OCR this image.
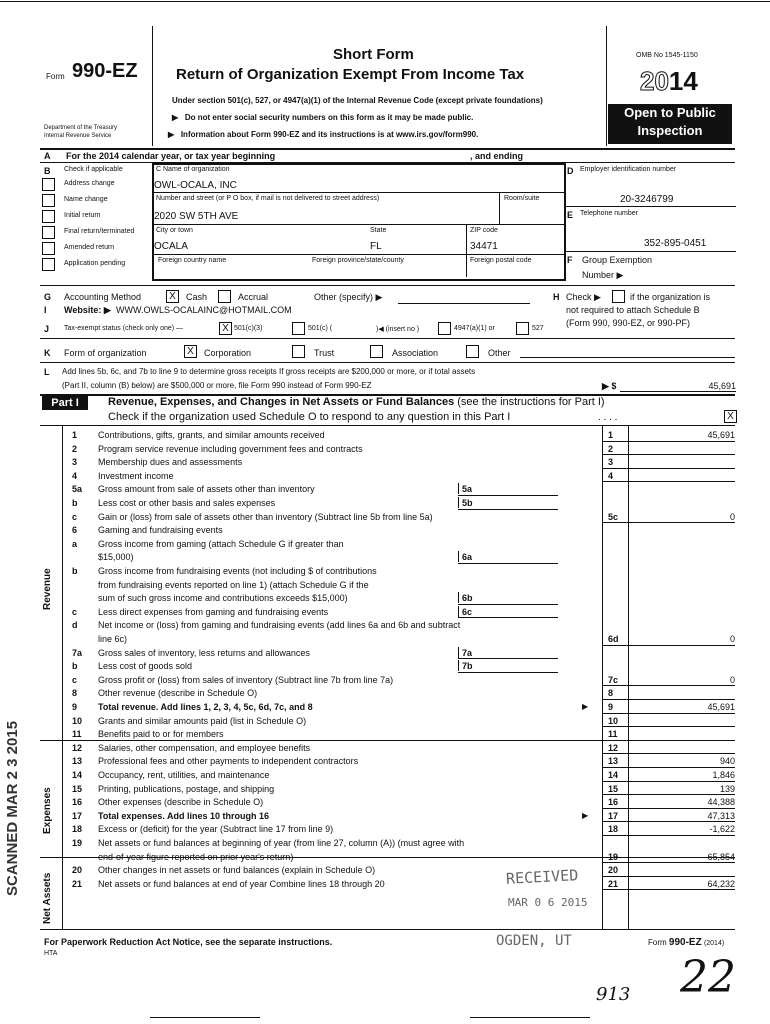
Form 990-EZ
Department of the Treasury
Internal Revenue Service
Short Form
Return of Organization Exempt From Income Tax
Under section 501(c), 527, or 4947(a)(1) of the Internal Revenue Code (except private foundations)
▶   Do not enter social security numbers on this form as it may be made public.
▶   Information about Form 990-EZ and its instructions is at www.irs.gov/form990.
OMB No 1545-1150
2014
Open to Public
Inspection
A For the 2014 calendar year, or tax year beginning	, and ending
B Check if applicable
Address change
Name change
Initial return
Final return/terminated
Amended return
Application pending
C Name of organization
OWL-OCALA, INC
Number and street (or P O box, if mail is not delivered to street address)	Room/suite
2020 SW 5TH AVE
City or town	State	ZIP code
OCALA	FL	34471
Foreign country name	Foreign province/state/county	Foreign postal code
D Employer identification number
20-3246799
E Telephone number
352-895-0451
F Group Exemption
Number ▶
G Accounting Method	X	Cash	Accrual	Other (specify) ▶
I Website: ▶ WWW.OWLS-OCALAINC@HOTMAIL.COM
H Check ▶	if the organization is
not required to attach Schedule B
(Form 990, 990-EZ, or 990-PF)
J Tax-exempt status (check only one) —	X 501(c)(3)	501(c) (	)◀ (insert no )	4947(a)(1) or	527
K Form of organization	X	Corporation	Trust	Association	Other
L Add lines 5b, 6c, and 7b to line 9 to determine gross receipts If gross receipts are $200,000 or more, or if total assets
(Part II, column (B) below) are $500,000 or more, file Form 990 instead of Form 990-EZ	▶ $	45,691
Part I	Revenue, Expenses, and Changes in Net Assets or Fund Balances (see the instructions for Part I)
Check if the organization used Schedule O to respond to any question in this Part I	. . . .	X
Revenue
Expenses
Net Assets
1 Contributions, gifts, grants, and similar amounts received	1	45,691
2 Program service revenue including government fees and contracts	2
3 Membership dues and assessments	3
4 Investment income	4
5a Gross amount from sale of assets other than inventory	5a
b Less cost or other basis and sales expenses	5b
c Gain or (loss) from sale of assets other than inventory (Subtract line 5b from line 5a)	5c	0
6 Gaming and fundraising events
a Gross income from gaming (attach Schedule G if greater than
$15,000)	6a
b Gross income from fundraising events (not including $ of contributions
from fundraising events reported on line 1) (attach Schedule G if the
sum of such gross income and contributions exceeds $15,000)	6b
c Less direct expenses from gaming and fundraising events	6c
d Net income or (loss) from gaming and fundraising events (add lines 6a and 6b and subtract
line 6c)	6d	0
7a Gross sales of inventory, less returns and allowances	7a
b Less cost of goods sold	7b
c Gross profit or (loss) from sales of inventory (Subtract line 7b from line 7a)	7c	0
8 Other revenue (describe in Schedule O)	8
9 Total revenue. Add lines 1, 2, 3, 4, 5c, 6d, 7c, and 8	▶ 9	45,691
10 Grants and similar amounts paid (list in Schedule O)	10
11 Benefits paid to or for members	11
12 Salaries, other compensation, and employee benefits	12
13 Professional fees and other payments to independent contractors	13	940
14 Occupancy, rent, utilities, and maintenance	14	1,846
15 Printing, publications, postage, and shipping	15	139
16 Other expenses (describe in Schedule O)	16	44,388
17 Total expenses. Add lines 10 through 16	▶ 17	47,313
18 Excess or (deficit) for the year (Subtract line 17 from line 9)	18	-1,622
19 Net assets or fund balances at beginning of year (from line 27, column (A)) (must agree with
end-of-year figure reported on prior year's return)	19	65,854
20 Other changes in net assets or fund balances (explain in Schedule O)	20
21 Net assets or fund balances at end of year Combine lines 18 through 20	21	64,232
For Paperwork Reduction Act Notice, see the separate instructions.
HTA
Form 990-EZ (2014)
SCANNED MAR 2 3 2015	RECEIVED
MAR 0 6 2015
OGDEN, UT
22
913
